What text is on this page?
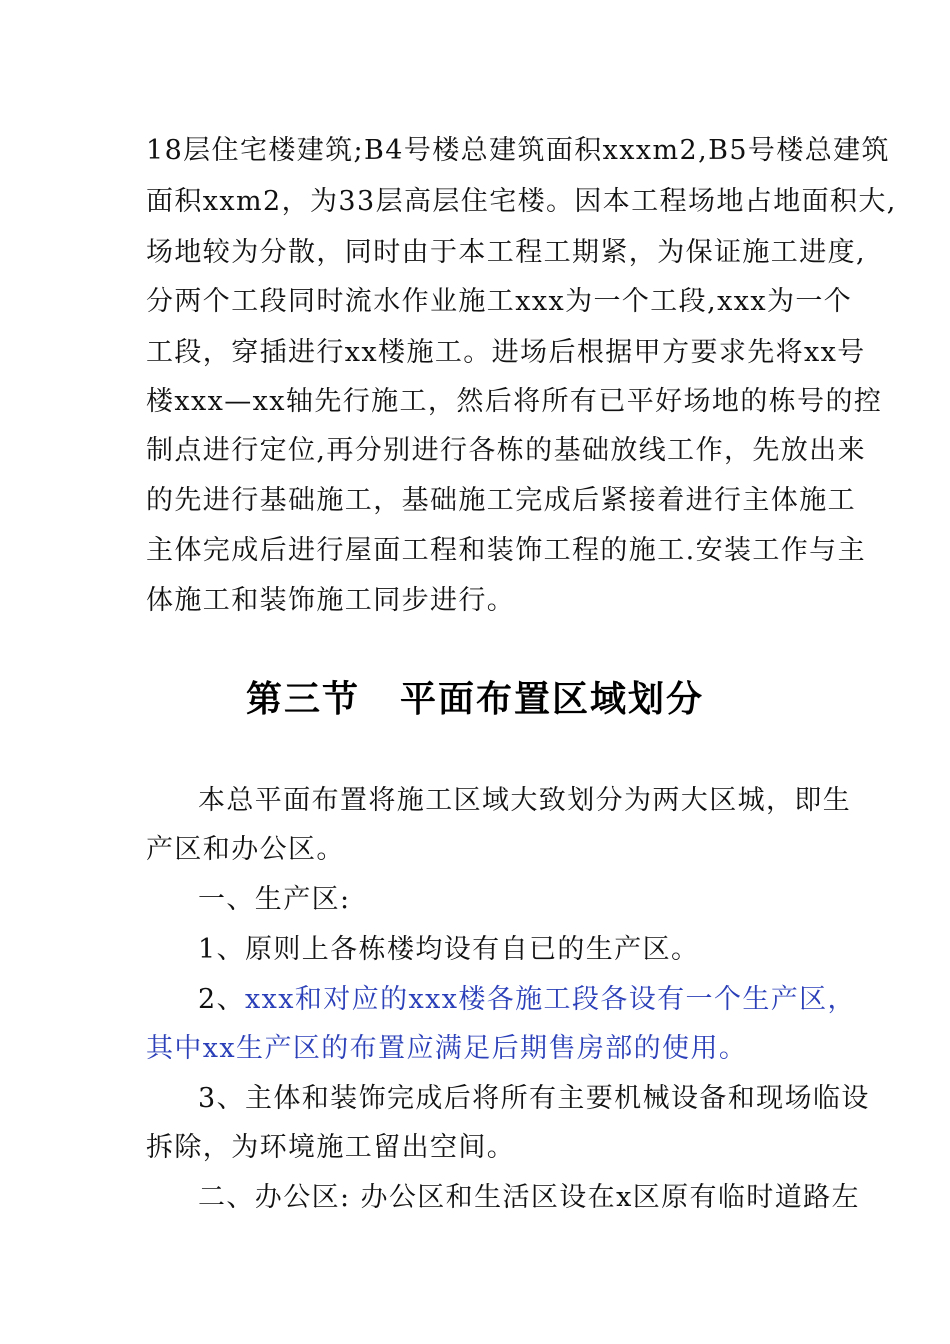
18层住宅楼建筑;B4号楼总建筑面积xxxm2,B5号楼总建筑
面积xxm2，为33层高层住宅楼。因本工程场地占地面积大,
场地较为分散，同时由于本工程工期紧，为保证施工进度,
分两个工段同时流水作业施工xxx为一个工段,xxx为一个
工段，穿插进行xx楼施工。进场后根据甲方要求先将xx号
楼xxx—xx轴先行施工，然后将所有已平好场地的栋号的控
制点进行定位,再分别进行各栋的基础放线工作，先放出来
的先进行基础施工，基础施工完成后紧接着进行主体施工
主体完成后进行屋面工程和装饰工程的施工.安装工作与主
体施工和装饰施工同步进行。
第三节 平面布置区域划分
本总平面布置将施工区域大致划分为两大区城，即生
产区和办公区。
一、生产区:
1、原则上各栋楼均设有自已的生产区。
2、xxx和对应的xxx楼各施工段各设有一个生产区，
其中xx生产区的布置应满足后期售房部的使用。
3、主体和装饰完成后将所有主要机械设备和现场临设
拆除，为环境施工留出空间。
二、办公区: 办公区和生活区设在x区原有临时道路左
